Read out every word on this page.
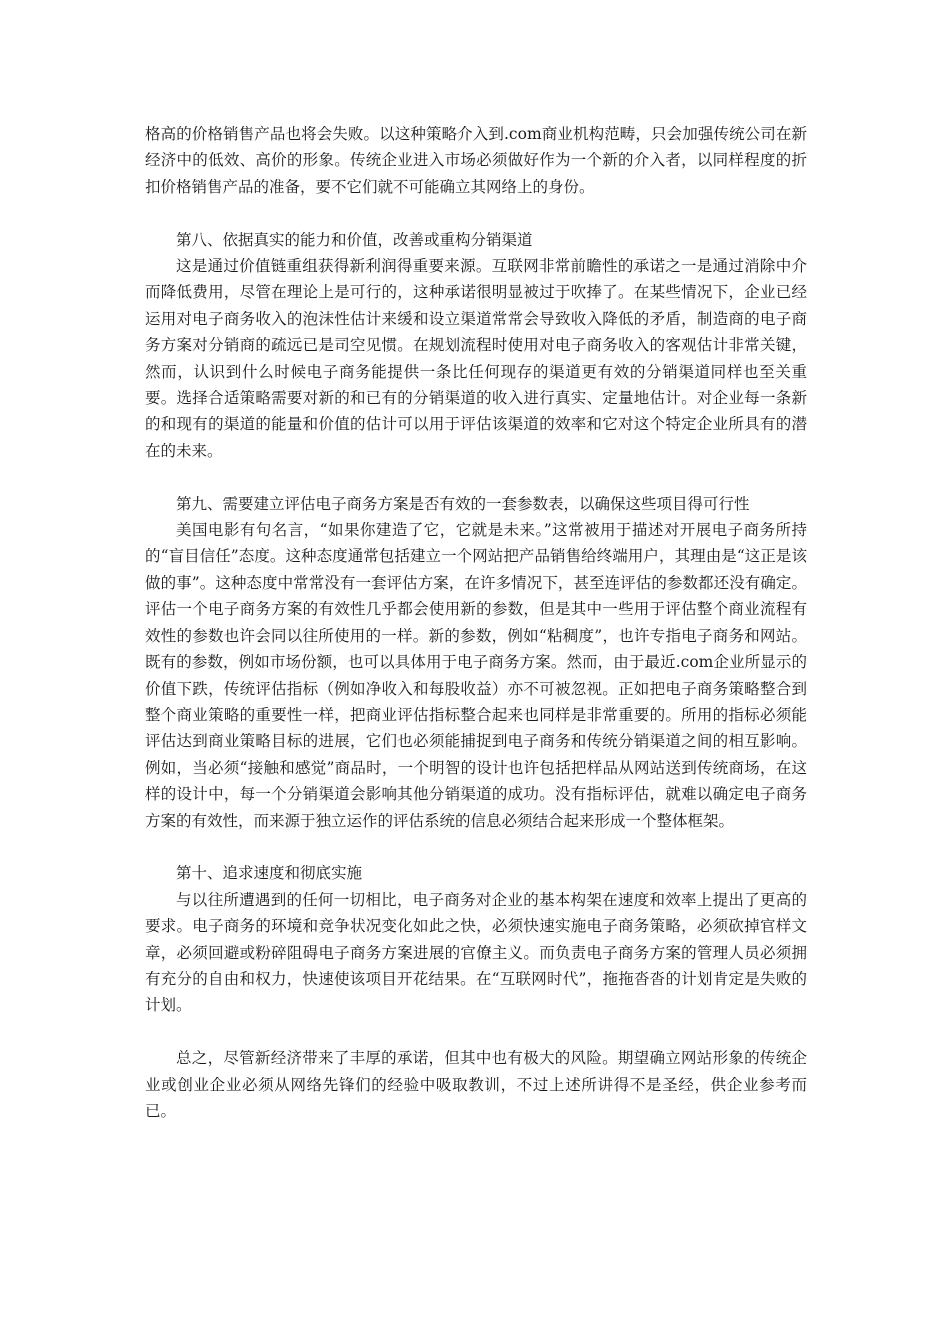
格高的价格销售产品也将会失败。以这种策略介入到.com商业机构范畴，只会加强传统公司在新经济中的低效、高价的形象。传统企业进入市场必须做好作为一个新的介入者，以同样程度的折扣价格销售产品的准备，要不它们就不可能确立其网络上的身份。

第八、依据真实的能力和价值，改善或重构分销渠道

这是通过价值链重组获得新利润得重要来源。互联网非常前瞻性的承诺之一是通过消除中介而降低费用，尽管在理论上是可行的，这种承诺很明显被过于吹捧了。在某些情况下，企业已经运用对电子商务收入的泡沫性估计来缓和设立渠道常常会导致收入降低的矛盾，制造商的电子商务方案对分销商的疏远已是司空见惯。在规划流程时使用对电子商务收入的客观估计非常关键，然而，认识到什么时候电子商务能提供一条比任何现存的渠道更有效的分销渠道同样也至关重要。选择合适策略需要对新的和已有的分销渠道的收入进行真实、定量地估计。对企业每一条新的和现有的渠道的能量和价值的估计可以用于评估该渠道的效率和它对这个特定企业所具有的潜在的未来。

第九、需要建立评估电子商务方案是否有效的一套参数表，以确保这些项目得可行性

美国电影有句名言，“如果你建造了它，它就是未来。”这常被用于描述对开展电子商务所持的“盲目信任”态度。这种态度通常包括建立一个网站把产品销售给终端用户，其理由是“这正是该做的事”。这种态度中常常没有一套评估方案，在许多情况下，甚至连评估的参数都还没有确定。评估一个电子商务方案的有效性几乎都会使用新的参数，但是其中一些用于评估整个商业流程有效性的参数也许会同以往所使用的一样。新的参数，例如“粘稠度”，也许专指电子商务和网站。既有的参数，例如市场份额，也可以具体用于电子商务方案。然而，由于最近.com企业所显示的价值下跌，传统评估指标（例如净收入和每股收益）亦不可被忽视。正如把电子商务策略整合到整个商业策略的重要性一样，把商业评估指标整合起来也同样是非常重要的。所用的指标必须能评估达到商业策略目标的进展，它们也必须能捕捉到电子商务和传统分销渠道之间的相互影响。例如，当必须“接触和感觉”商品时，一个明智的设计也许包括把样品从网站送到传统商场，在这样的设计中，每一个分销渠道会影响其他分销渠道的成功。没有指标评估，就难以确定电子商务方案的有效性，而来源于独立运作的评估系统的信息必须结合起来形成一个整体框架。

第十、追求速度和彻底实施

与以往所遭遇到的任何一切相比，电子商务对企业的基本构架在速度和效率上提出了更高的要求。电子商务的环境和竞争状况变化如此之快，必须快速实施电子商务策略，必须砍掉官样文章，必须回避或粉碎阻碍电子商务方案进展的官僚主义。而负责电子商务方案的管理人员必须拥有充分的自由和权力，快速使该项目开花结果。在“互联网时代”，拖拖沓沓的计划肯定是失败的计划。

总之，尽管新经济带来了丰厚的承诺，但其中也有极大的风险。期望确立网站形象的传统企业或创业企业必须从网络先锋们的经验中吸取教训，不过上述所讲得不是圣经，供企业参考而已。
